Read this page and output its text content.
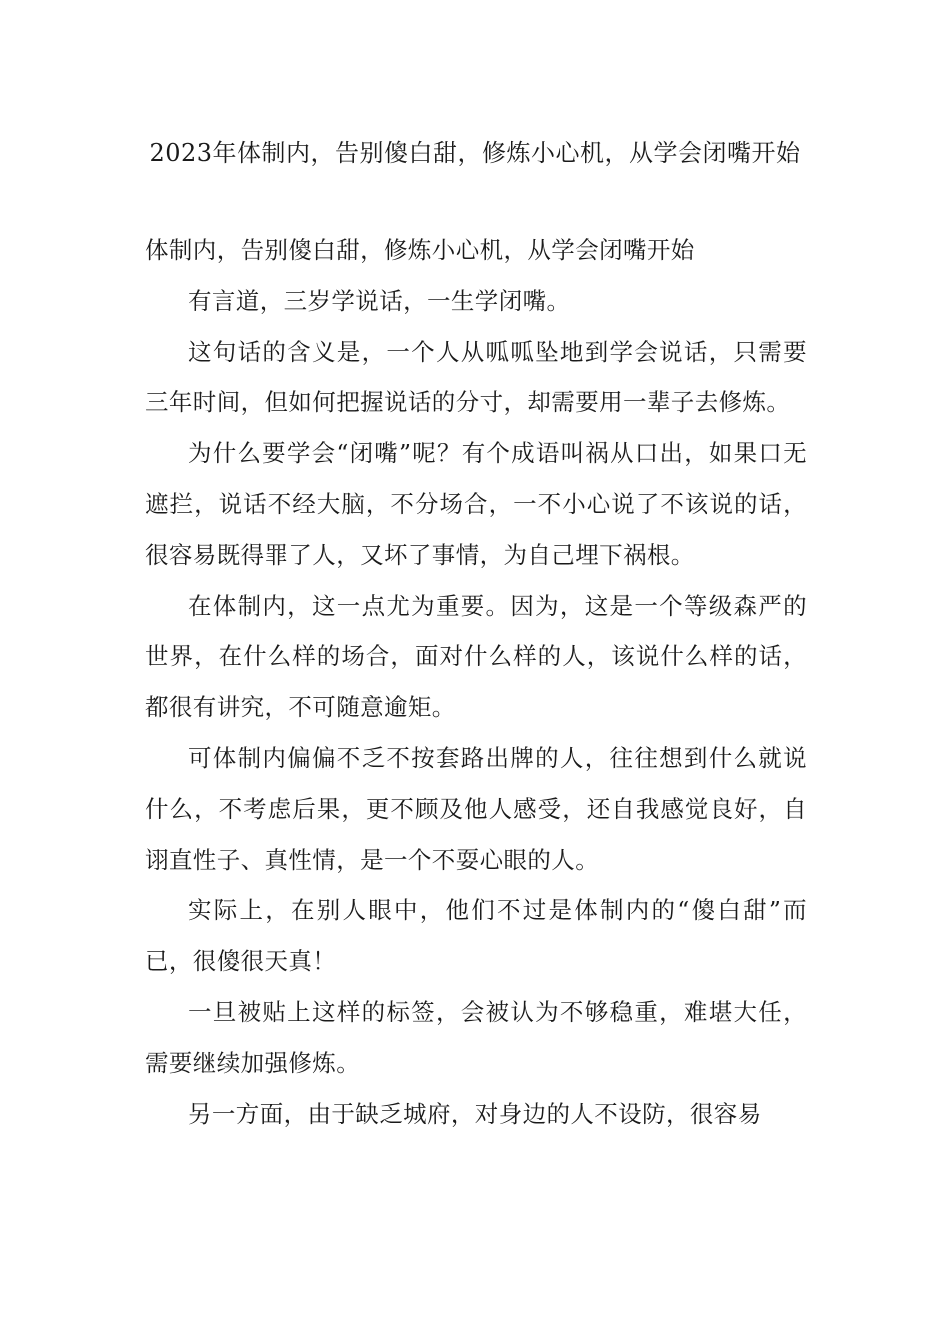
2023年体制内，告别傻白甜，修炼小心机，从学会闭嘴开始

体制内，告别傻白甜，修炼小心机，从学会闭嘴开始

有言道，三岁学说话，一生学闭嘴。

这句话的含义是，一个人从呱呱坠地到学会说话，只需要三年时间，但如何把握说话的分寸，却需要用一辈子去修炼。

为什么要学会“闭嘴”呢？有个成语叫祸从口出，如果口无遮拦，说话不经大脑，不分场合，一不小心说了不该说的话，很容易既得罪了人，又坏了事情，为自己埋下祸根。

在体制内，这一点尤为重要。因为，这是一个等级森严的世界，在什么样的场合，面对什么样的人，该说什么样的话，都很有讲究，不可随意逾矩。

可体制内偏偏不乏不按套路出牌的人，往往想到什么就说什么，不考虑后果，更不顾及他人感受，还自我感觉良好，自诩直性子、真性情，是一个不耍心眼的人。

实际上，在别人眼中，他们不过是体制内的“傻白甜”而已，很傻很天真！

一旦被贴上这样的标签，会被认为不够稳重，难堪大任，需要继续加强修炼。

另一方面，由于缺乏城府，对身边的人不设防，很容易
